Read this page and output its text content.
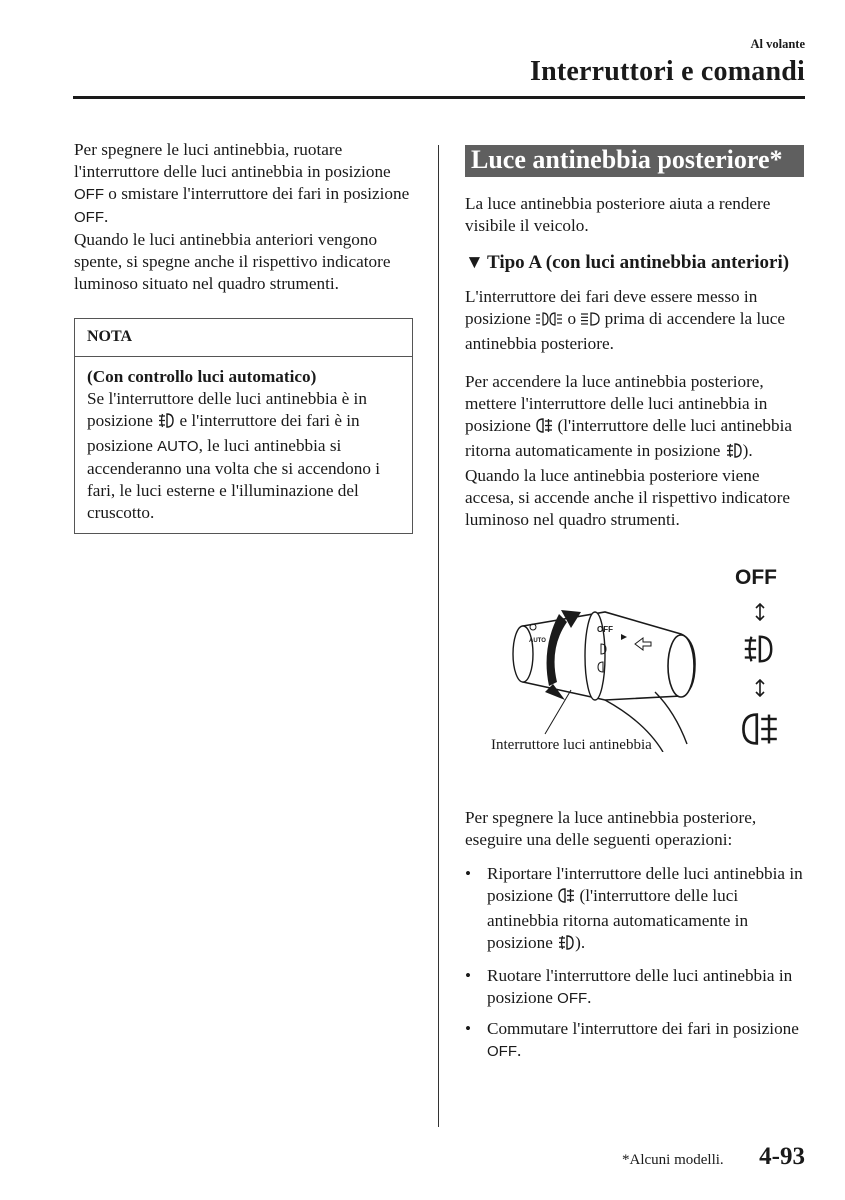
Al volante
Interruttori e comandi

Per spegnere le luci antinebbia, ruotare l'interruttore delle luci antinebbia in posizione OFF o smistare l'interruttore dei fari in posizione OFF.

Quando le luci antinebbia anteriori vengono spente, si spegne anche il rispettivo indicatore luminoso situato nel quadro strumenti.

NOTA
(Con controllo luci automatico)

Se l'interruttore delle luci antinebbia è in posizione  e l'interruttore dei fari è in posizione AUTO, le luci antinebbia si accenderanno una volta che si accendono i fari, le luci esterne e l'illuminazione del cruscotto.

Luce antinebbia posteriore*

La luce antinebbia posteriore aiuta a rendere visibile il veicolo.

▼ Tipo A (con luci antinebbia anteriori)

L'interruttore dei fari deve essere messo in posizione  o  prima di accendere la luce antinebbia posteriore.

Per accendere la luce antinebbia posteriore, mettere l'interruttore delle luci antinebbia in posizione  (l'interruttore delle luci antinebbia ritorna automaticamente in posizione ).

Quando la luce antinebbia posteriore viene accesa, si accende anche il rispettivo indicatore luminoso nel quadro strumenti.

OFF
AUTO
OFF
Interruttore luci antinebbia

Per spegnere la luce antinebbia posteriore, eseguire una delle seguenti operazioni:

• Riportare l'interruttore delle luci antinebbia in posizione  (l'interruttore delle luci antinebbia ritorna automaticamente in posizione ).
• Ruotare l'interruttore delle luci antinebbia in posizione OFF.
• Commutare l'interruttore dei fari in posizione OFF.
*Alcuni modelli. 4-93
